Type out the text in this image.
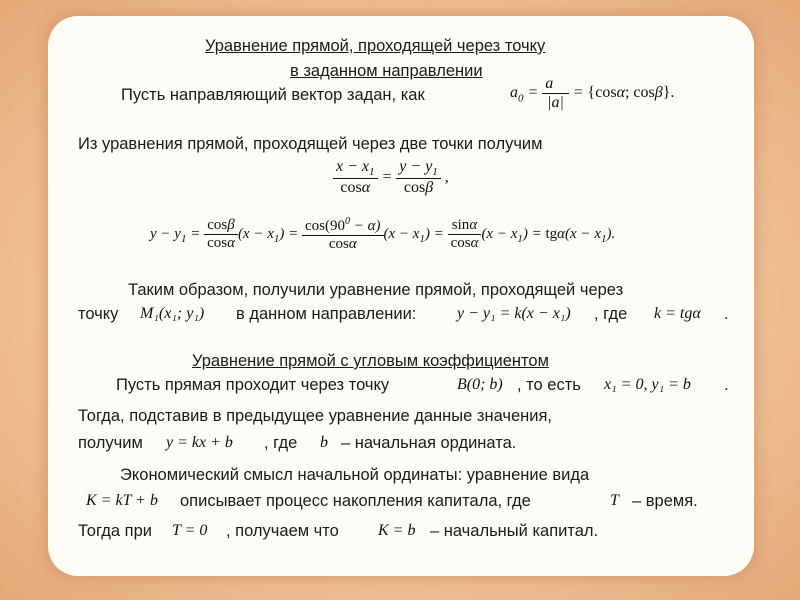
Уравнение прямой, проходящей через точку
в заданном направлении
Пусть направляющий вектор задан, как	$a_0 = \frac{a⃗}{|a|} = \{\cos\alpha$; cosβ}.
Из уравнения прямой, проходящей через две точки получим
$\frac{x - x_1}{\cos\alpha} = \frac{y - y_1}{\cos\beta}$ ,
$y - y_1 = \frac{\cos\beta}{\cos\alpha} (x - x_1) = \frac{\cos(90^0 - \alpha)}{\cos\alpha} (x - x_1) = \frac{\sin\alpha}{\cos\alpha} (x - x_1) = tg\alpha(x - x_1)$.
Таким образом, получили уравнение прямой, проходящей через
точку M₁(x₁; y₁) в данном направлении:	y − y₁ = k(x − x₁) , где k = tgα .
Уравнение прямой с угловым коэффициентом
Пусть прямая проходит через точку	B(0; b) , то есть x₁ = 0, y₁ = b .
Тогда, подставив в предыдущее уравнение данные значения,
получим y = kx + b , где b – начальная ордината.
Экономический смысл начальной ординаты: уравнение вида
K = kT + b описывает процесс накопления капитала, где	T – время.
Тогда при T = 0 , получаем что K = b – начальный капитал.
